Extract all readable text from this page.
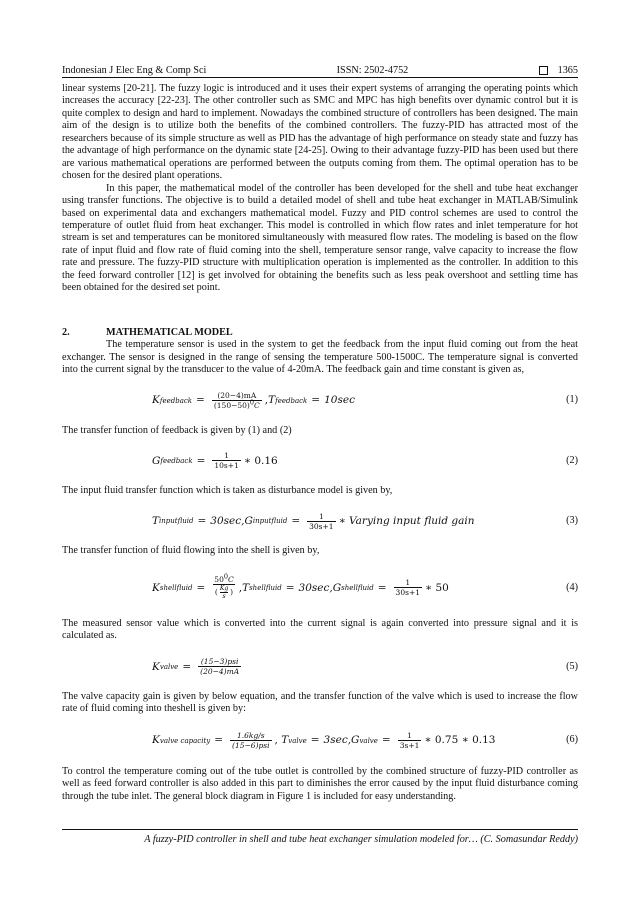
Indonesian J Elec Eng & Comp Sci	ISSN: 2502-4752	1365

linear systems [20-21]. The fuzzy logic is introduced and it uses their expert systems of arranging the operating points which increases the accuracy [22-23]. The other controller such as SMC and MPC has high benefits over dynamic control but it is quite complex to design and hard to implement. Nowadays the combined structure of controllers has been designed. The main aim of the design is to utilize both the benefits of the combined controllers. The fuzzy-PID has attracted most of the researchers because of its simple structure as well as PID has the advantage of high performance on steady state and fuzzy has the advantage of high performance on the dynamic state [24-25]. Owing to their advantage fuzzy-PID has been used but there are various mathematical operations are performed between the outputs coming from them. The optimal operation has to be chosen for the desired plant operations.

In this paper, the mathematical model of the controller has been developed for the shell and tube heat exchanger using transfer functions. The objective is to build a detailed model of shell and tube heat exchanger in MATLAB/Simulink based on experimental data and exchangers mathematical model. Fuzzy and PID control schemes are used to control the temperature of outlet fluid from heat exchanger. This model is controlled in which flow rates and inlet temperature for hot stream is set and temperatures can be monitored simultaneously with measured flow rates. The modeling is based on the flow rate of input fluid and flow rate of fluid coming into the shell, temperature sensor range, valve capacity to increase the flow rate and pressure. The fuzzy-PID structure with multiplication operation is implemented as the controller. In addition to this the feed forward controller [12] is get involved for obtaining the benefits such as less peak overshoot and settling time has been obtained for the desired set point.

2.	MATHEMATICAL MODEL

The temperature sensor is used in the system to get the feedback from the input fluid coming out from the heat exchanger. The sensor is designed in the range of sensing the temperature 500-1500C. The temperature signal is converted into the current signal by the transducer to the value of 4-20mA. The feedback gain and time constant is given as,

K feedback = $\frac{(20-4)mA}{(150-50)^0C}$ , T feedback = 10sec	(1)

The transfer function of feedback is given by (1) and (2)

G feedback = $\frac{1}{10s+1}$ ∗ 0.16	(2)

The input fluid transfer function which is taken as disturbance model is given by,

T inputfluid = 30sec, G inputfluid = $\frac{1}{30s+1}$ ∗ Varying input fluid gain	(3)

The transfer function of fluid flowing into the shell is given by,

K shellfluid = $\frac{50^0C}{( \frac{Kg}{s} )}$ , T shellfluid = 30sec, G shellfluid = $\frac{1}{30s+1}$ ∗ 50	(4)

The measured sensor value which is converted into the current signal is again converted into pressure signal and it is calculated as.

K valve = $\frac{\text{(15−3)psi}}{(20-4)mA}$	(5)

The valve capacity gain is given by below equation, and the transfer function of the valve which is used to increase the flow rate of fluid coming into theshell is given by:

K valve capacity = $\frac{1.6kg/s}{\text{(15−6)psi}}$ ,
T valve = 3sec, G valve = $\frac{1}{3s+1}$ ∗ 0.75 ∗ 0.13	(6)

To control the temperature coming out of the tube outlet is controlled by the combined structure of fuzzy-PID controller as well as feed forward controller is also added in this part to diminishes the error caused by the input fluid disturbance coming through the tube inlet. The general block diagram in Figure 1 is included for easy understanding.

A fuzzy-PID controller in shell and tube heat exchanger simulation modeled for… (C. Somasundar Reddy)
